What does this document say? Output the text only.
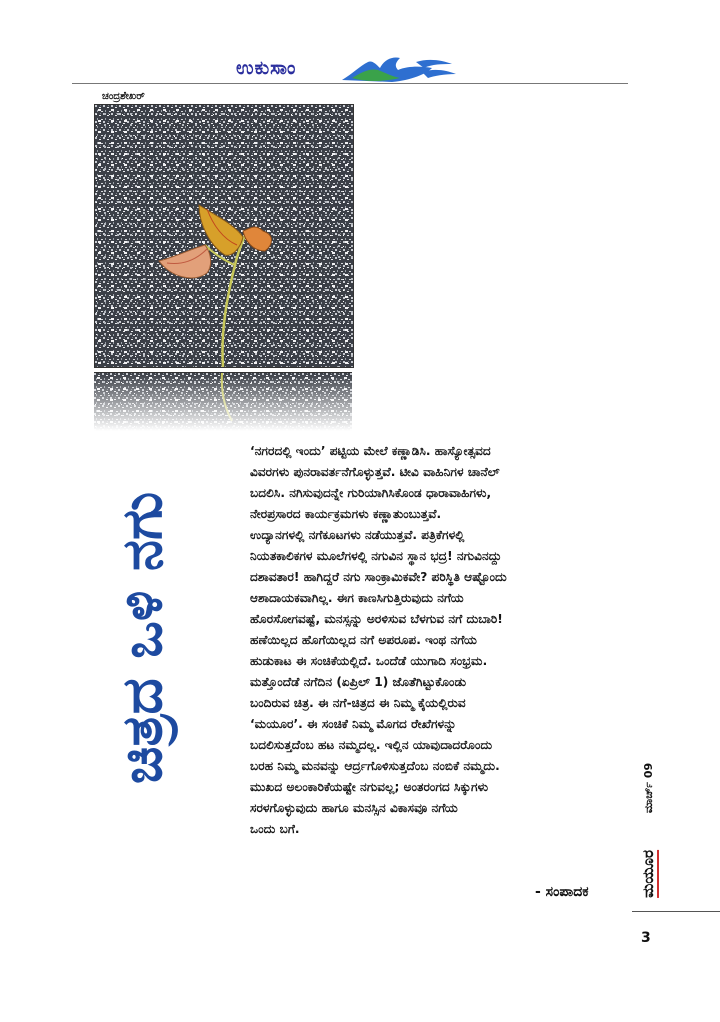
ಉಕುಸಾಂ
ಚಂದ್ರಶೇಖರ್
ಚಿತ್ರದ ಒಳಿ ನಗು

‘ನಗರದಲ್ಲಿ ಇಂದು’ ಪಟ್ಟಿಯ ಮೇಲೆ ಕಣ್ಣಾಡಿಸಿ. ಹಾಸ್ಯೋತ್ಸವದ

ವಿವರಗಳು ಪುನರಾವರ್ತನೆಗೊಳ್ಳುತ್ತವೆ. ಟೀವಿ ವಾಹಿನಿಗಳ ಚಾನೆಲ್

ಬದಲಿಸಿ. ನಗಿಸುವುದನ್ನೇ ಗುರಿಯಾಗಿಸಿಕೊಂಡ ಧಾರಾವಾಹಿಗಳು,

ನೇರಪ್ರಸಾರದ ಕಾರ್ಯಕ್ರಮಗಳು ಕಣ್ಣಾತುಂಬುತ್ತವೆ.

ಉದ್ಯಾನಗಳಲ್ಲಿ ನಗೆಕೂಟಗಳು ನಡೆಯುತ್ತವೆ. ಪತ್ರಿಕೆಗಳಲ್ಲಿ

ನಿಯತಕಾಲಿಕಗಳ ಮೂಲೆಗಳಲ್ಲಿ ನಗುವಿನ ಸ್ಥಾನ ಭದ್ರ! ನಗುವಿನದ್ದು

ದಶಾವತಾರ! ಹಾಗಿದ್ದರೆ ನಗು ಸಾಂಕ್ರಾಮಿಕವೇ? ಪರಿಸ್ಥಿತಿ ಆಷ್ಟೊಂದು

ಆಶಾದಾಯಕವಾಗಿಲ್ಲ. ಈಗ ಕಾಣಸಿಗುತ್ತಿರುವುದು ನಗೆಯ

ಹೊರಸೋಗವಷ್ಟೆ, ಮನಸ್ಸನ್ನು ಅರಳಿಸುವ ಬೆಳಗುವ ನಗೆ ದುಬಾರಿ!

ಹಣೆಯಿಲ್ಲದ ಹೊಗೆಯಿಲ್ಲದ ನಗೆ ಅಪರೂಪ. ಇಂಥ ನಗೆಯ

ಹುಡುಕಾಟ ಈ ಸಂಚಿಕೆಯಲ್ಲಿದೆ. ಒಂದೆಡೆ ಯುಗಾದಿ ಸಂಭ್ರಮ.

ಮತ್ತೊಂದೆಡೆ ನಗೆದಿನ (ಏಪ್ರಿಲ್ 1) ಜೊತೆಗಿಟ್ಟುಕೊಂಡು

ಬಂದಿರುವ ಚಿತ್ರ. ಈ ನಗೆ-ಚಿತ್ರದ ಈ ನಿಮ್ಮ ಕೈಯಲ್ಲಿರುವ

‘ಮಯೂರ’. ಈ ಸಂಚಿಕೆ ನಿಮ್ಮ ಮೊಗದ ರೇಖೆಗಳನ್ನು

ಬದಲಿಸುತ್ತದೆಂಬ ಹಟ ನಮ್ಮದಲ್ಲ. ಇಲ್ಲಿನ ಯಾವುದಾದರೊಂದು

ಬರಹ ನಿಮ್ಮ ಮನವನ್ನು ಆರ್ದ್ರಗೊಳಿಸುತ್ತದೆಂಬ ನಂಬಿಕೆ ನಮ್ಮದು.

ಮುಖದ ಅಲಂಕಾರಿಕೆಯಷ್ಟೇ ನಗುವಲ್ಲ; ಅಂತರಂಗದ ಸಿಕ್ಕುಗಳು

ಸರಳಗೊಳ್ಳುವುದು ಹಾಗೂ ಮನಸ್ಸಿನ ವಿಕಾಸವೂ ನಗೆಯ

ಒಂದು ಬಗೆ.

- ಸಂಪಾದಕ
ಮಾರ್ಚ್ 09
ಮಯೂರ
3
